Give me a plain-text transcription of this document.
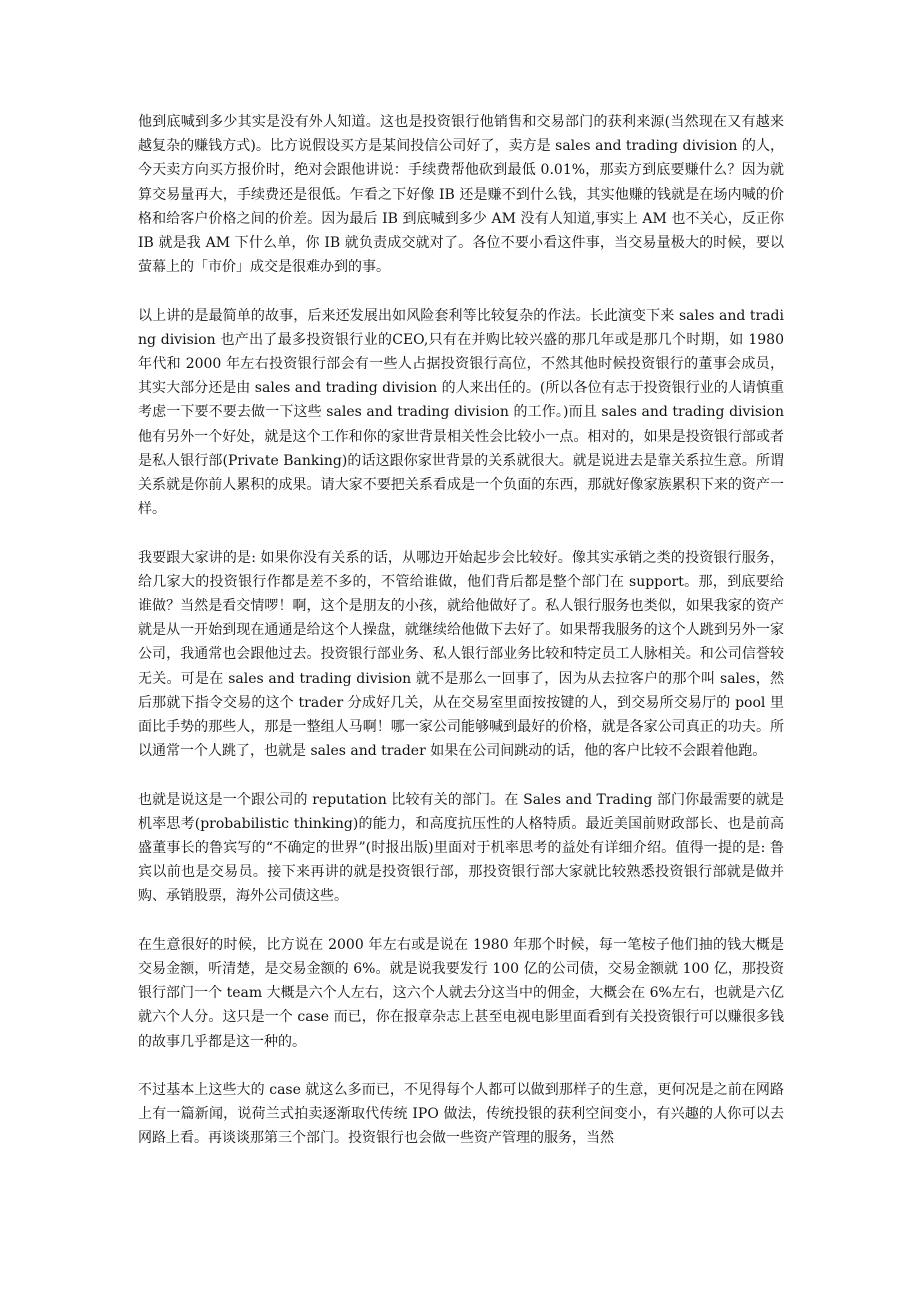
他到底喊到多少其实是没有外人知道。这也是投资银行他销售和交易部门的获利来源(当然现在又有越来越复杂的赚钱方式)。比方说假设买方是某间投信公司好了，卖方是 sales and trading division 的人，今天卖方向买方报价时，绝对会跟他讲说：手续费帮他砍到最低 0.01%，那卖方到底要赚什么？因为就算交易量再大，手续费还是很低。乍看之下好像 IB 还是赚不到什么钱，其实他赚的钱就是在场内喊的价格和给客户价格之间的价差。因为最后 IB 到底喊到多少 AM 没有人知道,事实上 AM 也不关心，反正你 IB 就是我 AM 下什么单，你 IB 就负责成交就对了。各位不要小看这件事，当交易量极大的时候，要以萤幕上的「市价」成交是很难办到的事。

以上讲的是最简单的故事，后来还发展出如风险套利等比较复杂的作法。长此演变下来 sales and trading division 也产出了最多投资银行业的CEO,只有在并购比较兴盛的那几年或是那几个时期，如 1980 年代和 2000 年左右投资银行部会有一些人占据投资银行高位，不然其他时候投资银行的董事会成员，其实大部分还是由 sales and trading division 的人来出任的。(所以各位有志于投资银行业的人请慎重考虑一下要不要去做一下这些 sales and trading division 的工作。)而且 sales and trading division 他有另外一个好处，就是这个工作和你的家世背景相关性会比较小一点。相对的，如果是投资银行部或者是私人银行部(Private Banking)的话这跟你家世背景的关系就很大。就是说进去是靠关系拉生意。所谓关系就是你前人累积的成果。请大家不要把关系看成是一个负面的东西，那就好像家族累积下来的资产一样。

我要跟大家讲的是: 如果你没有关系的话，从哪边开始起步会比较好。像其实承销之类的投资银行服务，给几家大的投资银行作都是差不多的，不管给谁做，他们背后都是整个部门在 support。那，到底要给谁做？当然是看交情啰！啊，这个是朋友的小孩，就给他做好了。私人银行服务也类似，如果我家的资产就是从一开始到现在通通是给这个人操盘，就继续给他做下去好了。如果帮我服务的这个人跳到另外一家公司，我通常也会跟他过去。投资银行部业务、私人银行部业务比较和特定员工人脉相关。和公司信誉较无关。可是在 sales and trading division 就不是那么一回事了，因为从去拉客户的那个叫 sales，然后那就下指令交易的这个 trader 分成好几关，从在交易室里面按按键的人，到交易所交易厅的 pool 里面比手势的那些人，那是一整组人马啊！哪一家公司能够喊到最好的价格，就是各家公司真正的功夫。所以通常一个人跳了，也就是 sales and trader 如果在公司间跳动的话，他的客户比较不会跟着他跑。

也就是说这是一个跟公司的 reputation 比较有关的部门。在 Sales and Trading 部门你最需要的就是机率思考(probabilistic thinking)的能力，和高度抗压性的人格特质。最近美国前财政部长、也是前高盛董事长的鲁宾写的“不确定的世界”(时报出版)里面对于机率思考的益处有详细介绍。值得一提的是: 鲁宾以前也是交易员。接下来再讲的就是投资银行部，那投资银行部大家就比较熟悉投资银行部就是做并购、承销股票，海外公司债这些。

在生意很好的时候，比方说在 2000 年左右或是说在 1980 年那个时候，每一笔桉子他们抽的钱大概是交易金额，听清楚，是交易金额的 6%。就是说我要发行 100 亿的公司债，交易金额就 100 亿，那投资银行部门一个 team 大概是六个人左右，这六个人就去分这当中的佣金，大概会在 6%左右，也就是六亿就六个人分。这只是一个 case 而已，你在报章杂志上甚至电视电影里面看到有关投资银行可以赚很多钱的故事几乎都是这一种的。

不过基本上这些大的 case 就这么多而已，不见得每个人都可以做到那样子的生意，更何况是之前在网路上有一篇新闻，说荷兰式拍卖逐渐取代传统 IPO 做法，传统投银的获利空间变小，有兴趣的人你可以去网路上看。再谈谈那第三个部门。投资银行也会做一些资产管理的服务，当然
